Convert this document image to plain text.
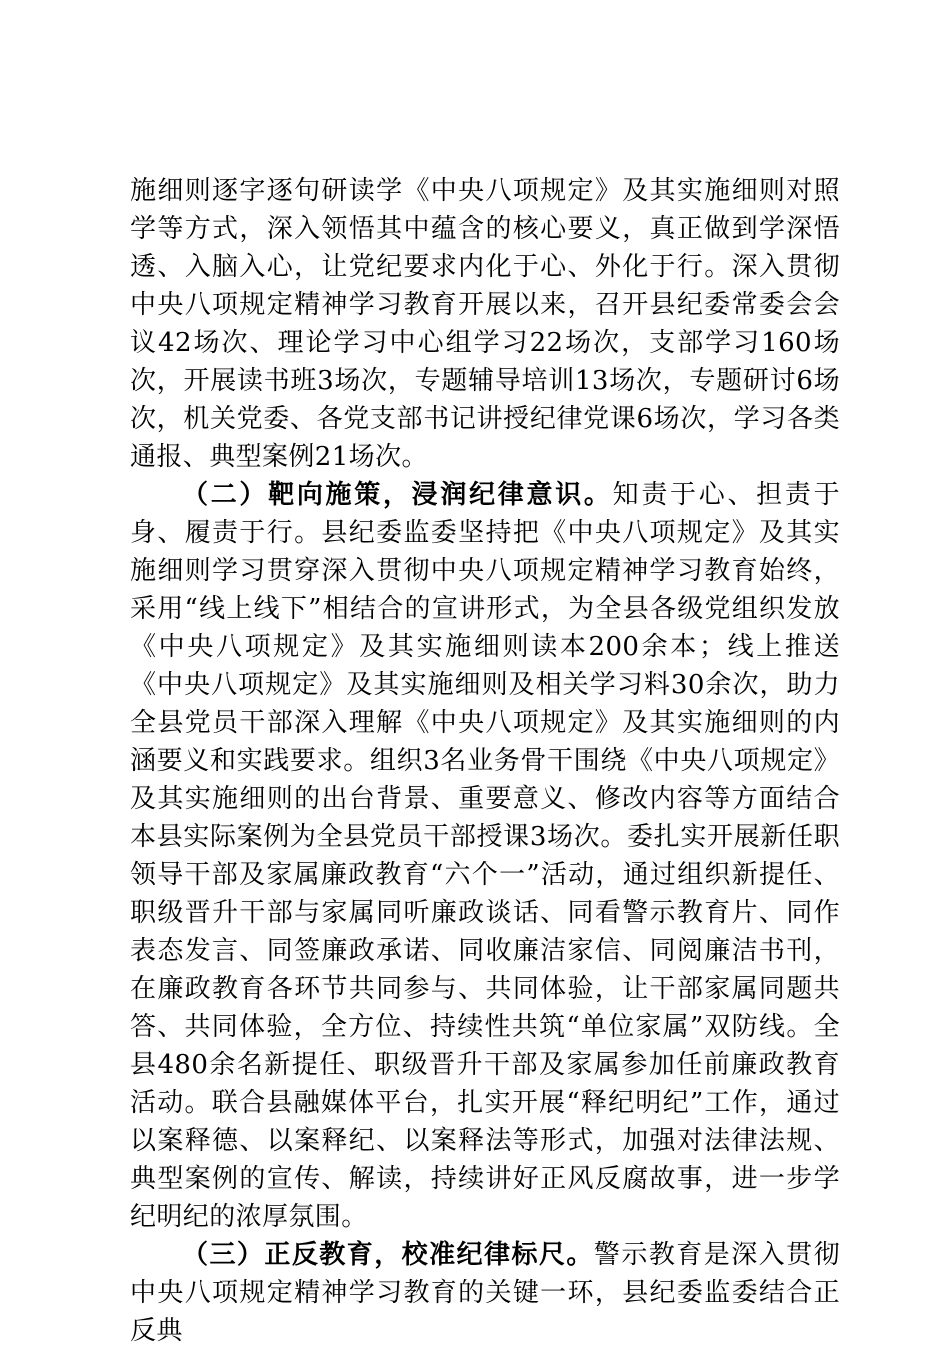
施细则逐字逐句研读学《中央八项规定》及其实施细则对照学等方式，深入领悟其中蕴含的核心要义，真正做到学深悟透、入脑入心，让党纪要求内化于心、外化于行。深入贯彻中央八项规定精神学习教育开展以来，召开县纪委常委会会议42场次、理论学习中心组学习22场次，支部学习160场次，开展读书班3场次，专题辅导培训13场次，专题研讨6场次，机关党委、各党支部书记讲授纪律党课6场次，学习各类通报、典型案例21场次。

（二）靶向施策，浸润纪律意识。知责于心、担责于身、履责于行。县纪委监委坚持把《中央八项规定》及其实施细则学习贯穿深入贯彻中央八项规定精神学习教育始终，采用“线上线下”相结合的宣讲形式，为全县各级党组织发放《中央八项规定》及其实施细则读本200余本；线上推送《中央八项规定》及其实施细则及相关学习料30余次，助力全县党员干部深入理解《中央八项规定》及其实施细则的内涵要义和实践要求。组织3名业务骨干围绕《中央八项规定》及其实施细则的出台背景、重要意义、修改内容等方面结合本县实际案例为全县党员干部授课3场次。委扎实开展新任职领导干部及家属廉政教育“六个一”活动，通过组织新提任、职级晋升干部与家属同听廉政谈话、同看警示教育片、同作表态发言、同签廉政承诺、同收廉洁家信、同阅廉洁书刊，在廉政教育各环节共同参与、共同体验，让干部家属同题共答、共同体验，全方位、持续性共筑“单位家属”双防线。全县480余名新提任、职级晋升干部及家属参加任前廉政教育活动。联合县融媒体平台，扎实开展“释纪明纪”工作，通过以案释德、以案释纪、以案释法等形式，加强对法律法规、典型案例的宣传、解读，持续讲好正风反腐故事，进一步学纪明纪的浓厚氛围。

（三）正反教育，校准纪律标尺。警示教育是深入贯彻中央八项规定精神学习教育的关键一环，县纪委监委结合正反典
